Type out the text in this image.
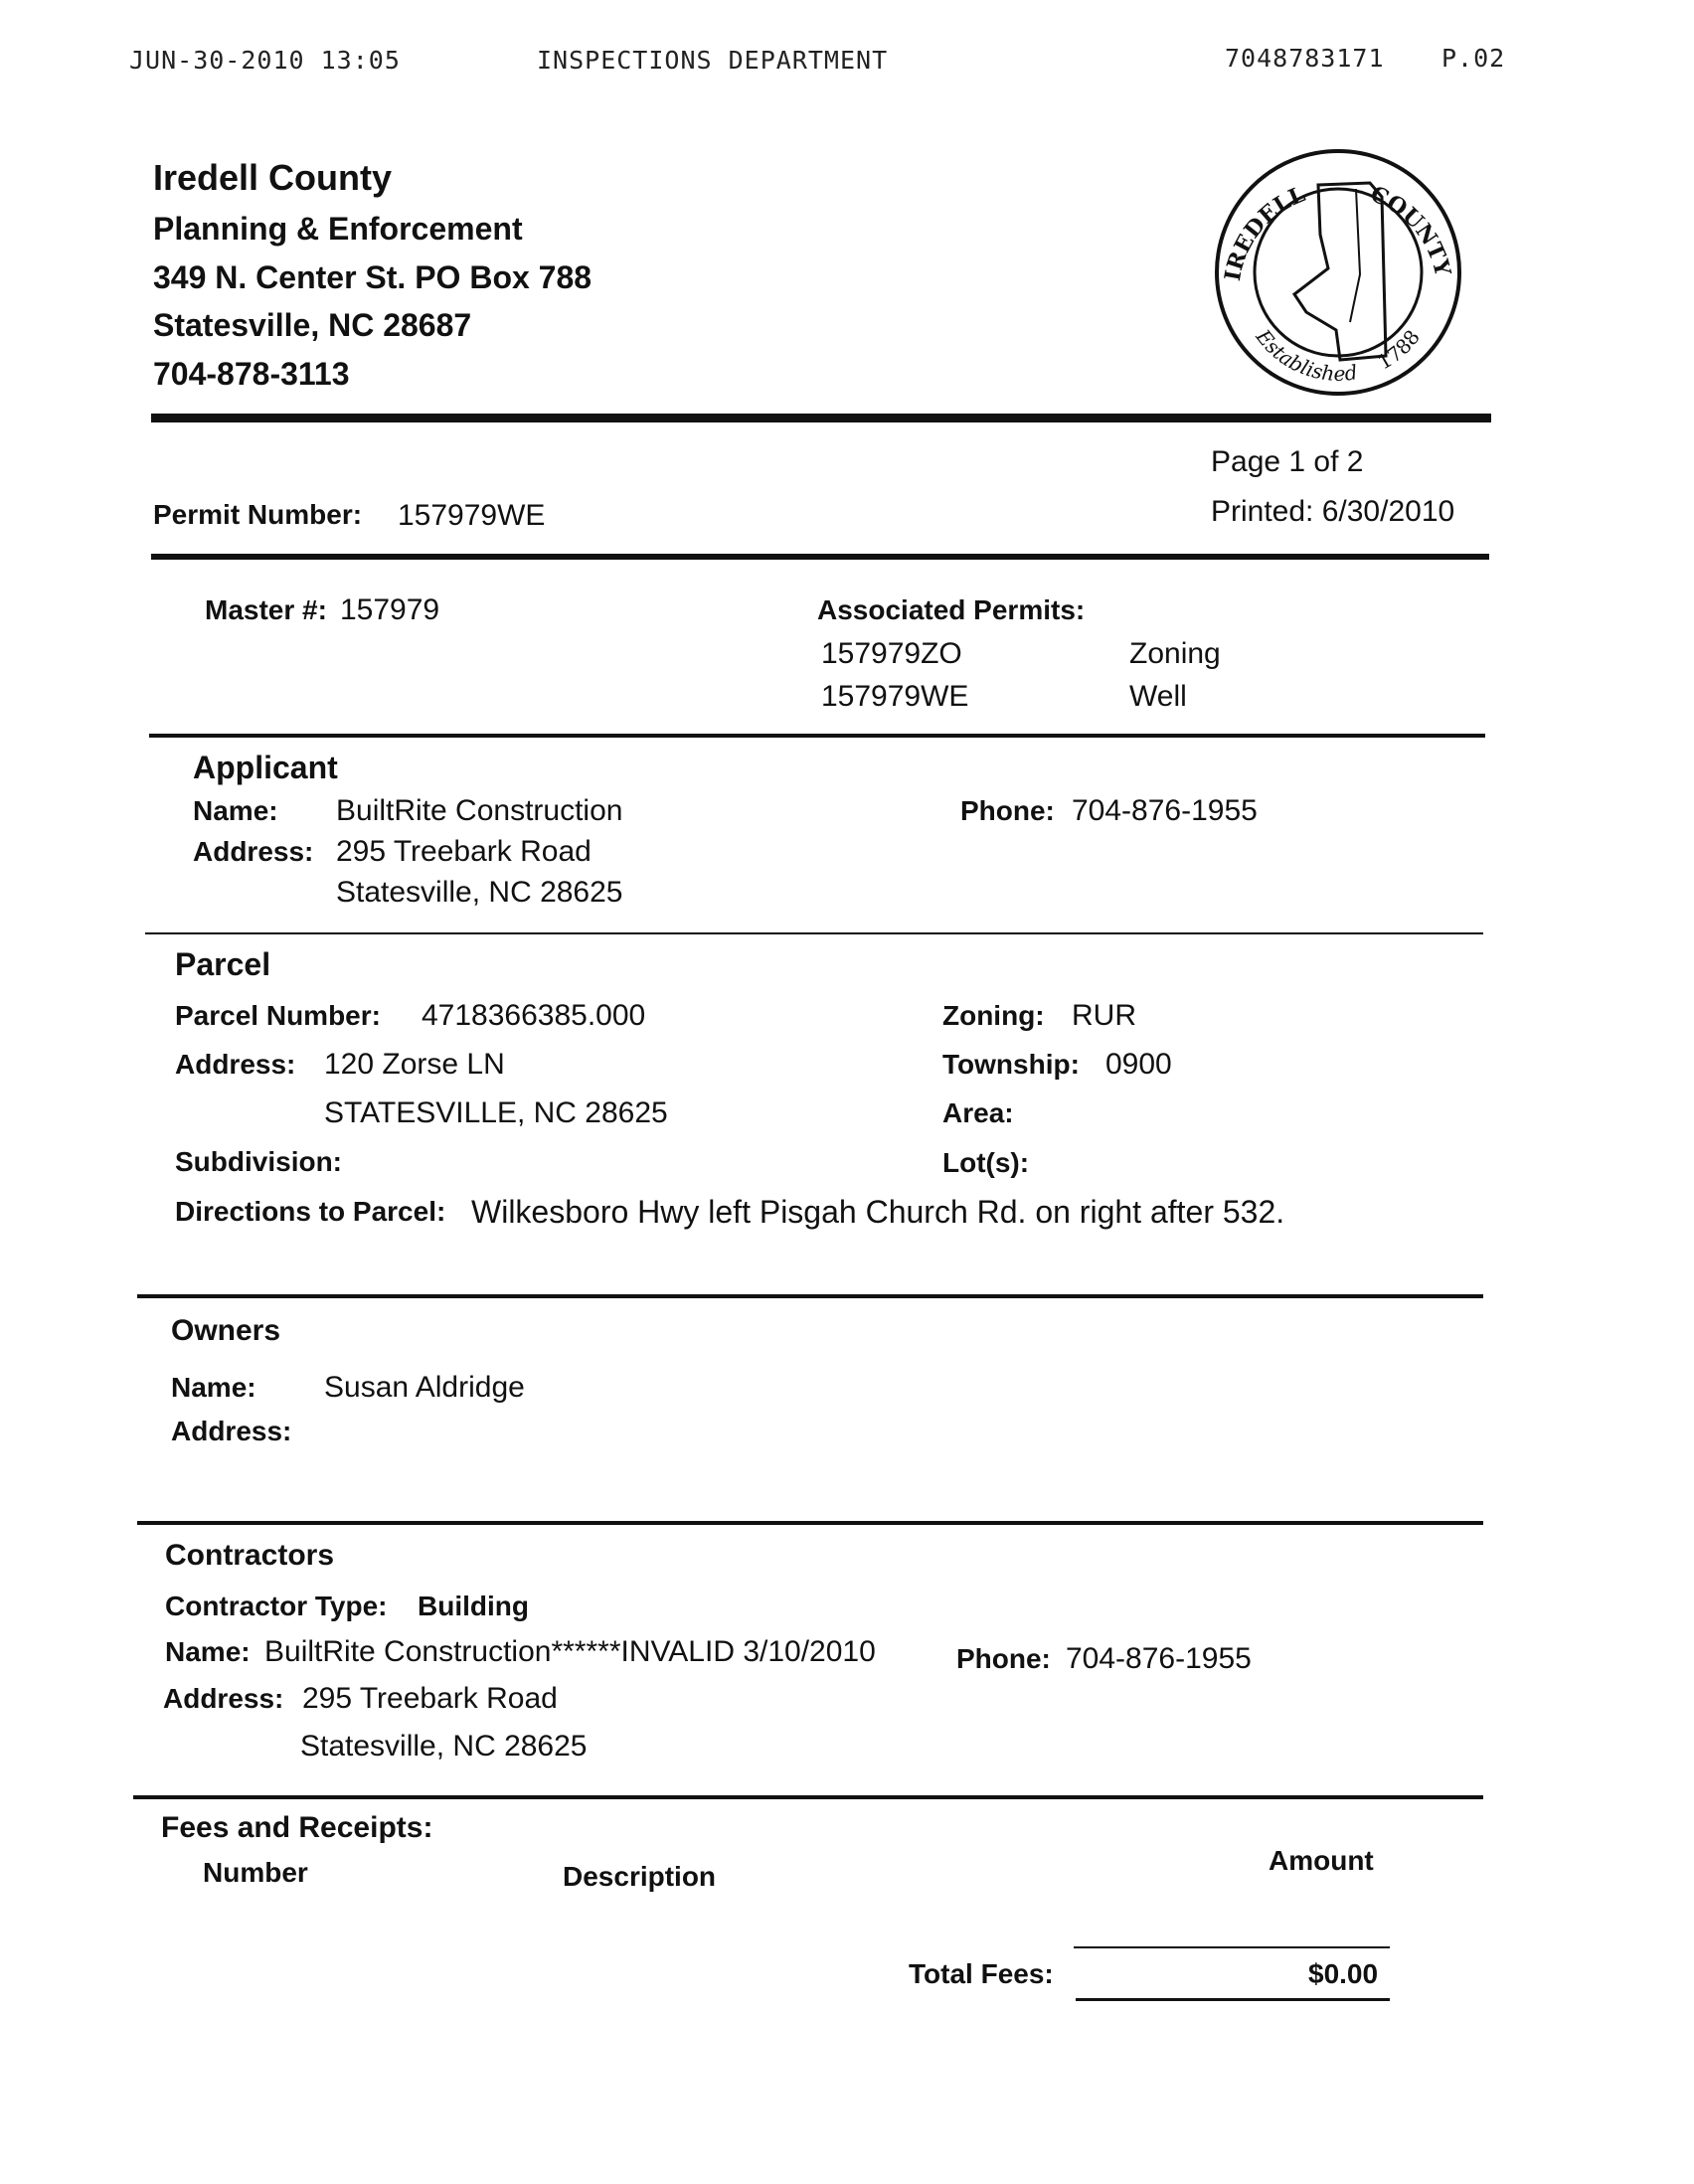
JUN-30-2010 13:05	INSPECTIONS DEPARTMENT	7048783171 P.02
Iredell County
Planning & Enforcement
349 N. Center St. PO Box 788
Statesville, NC 28687
704-878-3113
IREDELL	COUNTY
Established 1788
Page 1 of 2
Printed: 6/30/2010
Permit Number: 157979WE
Master #: 157979	Associated Permits:
157979ZO	Zoning
157979WE	Well
Applicant
Name: BuiltRite Construction
Address: 295 Treebark Road
Statesville, NC 28625
Phone: 704-876-1955
Parcel
Parcel Number: 4718366385.000
Address: 120 Zorse LN
STATESVILLE, NC 28625
Subdivision:
Zoning: RUR
Township: 0900
Area:
Lot(s):
Directions to Parcel: Wilkesboro Hwy left Pisgah Church Rd. on right after 532.
Owners
Name: Susan Aldridge
Address:
Contractors
Contractor Type: Building
Name: BuiltRite Construction******INVALID 3/10/2010	Phone: 704-876-1955
Address: 295 Treebark Road
Statesville, NC 28625
Fees and Receipts:
Number	Description
Amount
Total Fees:	$0.00
